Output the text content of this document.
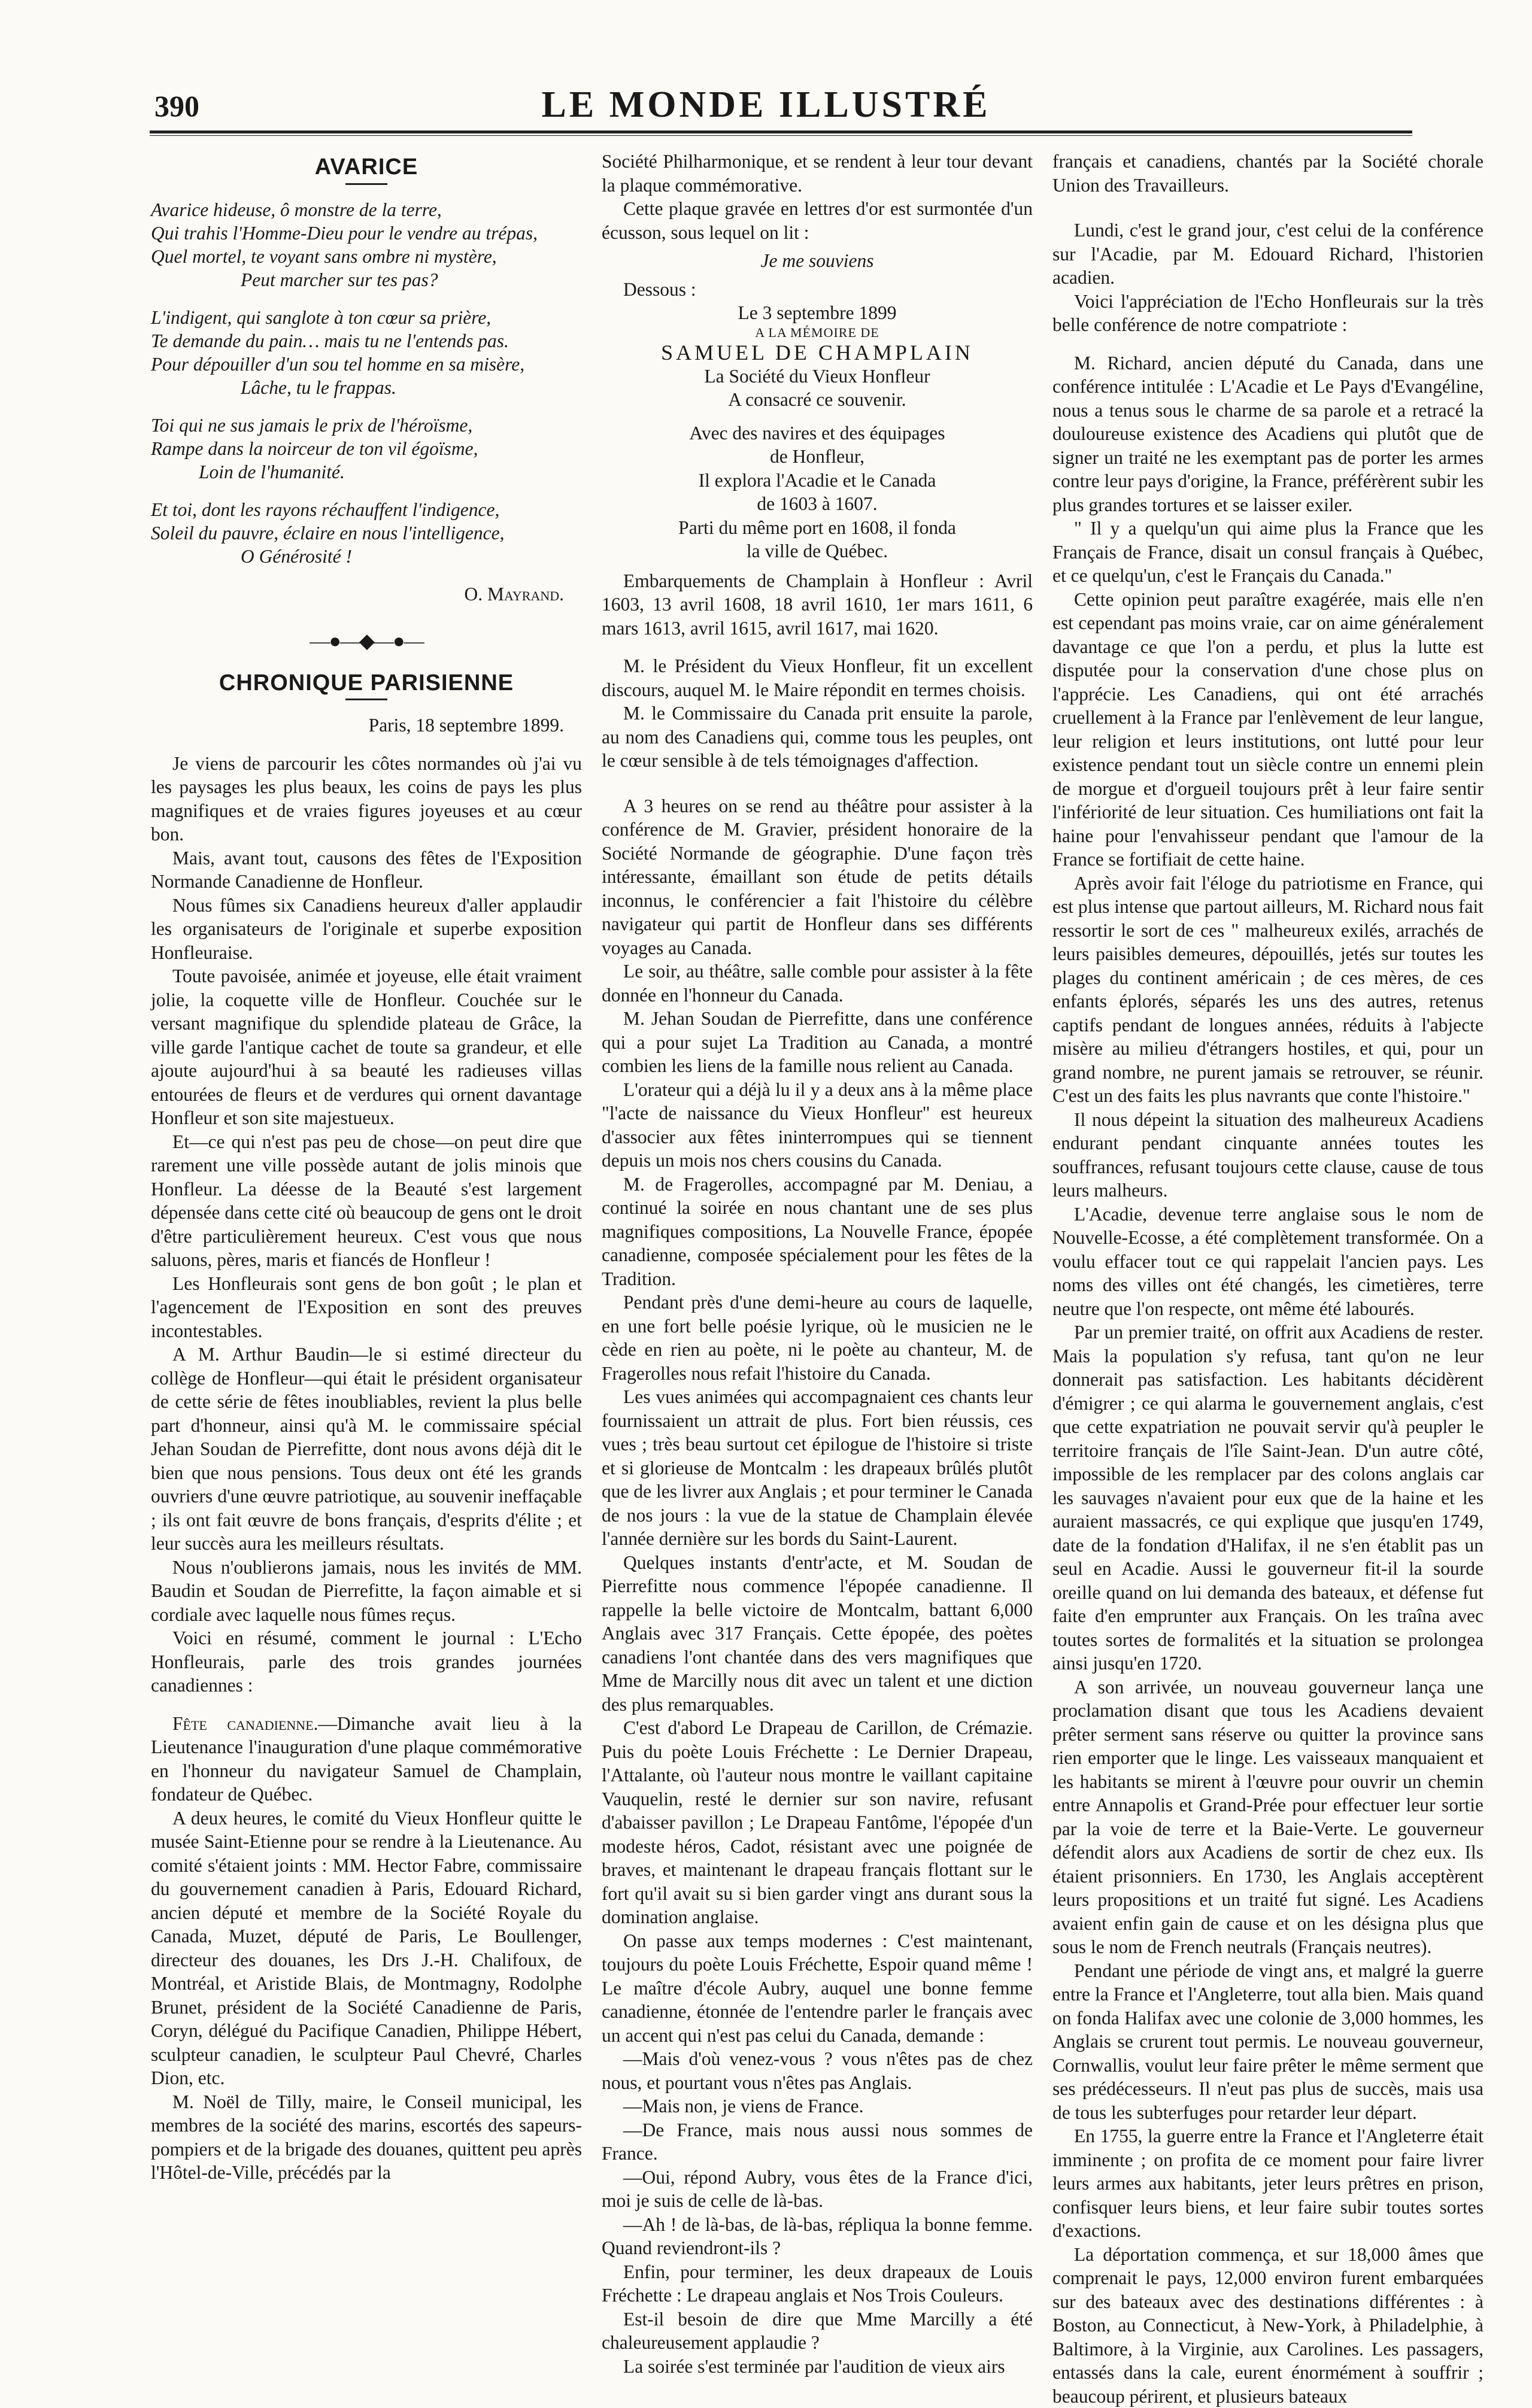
390	LE MONDE ILLUSTRÉ
AVARICE
Avarice hideuse, ô monstre de la terre,
Qui trahis l'Homme-Dieu pour le vendre au trépas,
Quel mortel, te voyant sans ombre ni mystère,
Peut marcher sur tes pas?
L'indigent, qui sanglote à ton cœur sa prière,
Te demande du pain… mais tu ne l'entends pas.
Pour dépouiller d'un sou tel homme en sa misère,
Lâche, tu le frappas.
Toi qui ne sus jamais le prix de l'héroïsme,
Rampe dans la noirceur de ton vil égoïsme,
Loin de l'humanité.
Et toi, dont les rayons réchauffent l'indigence,
Soleil du pauvre, éclaire en nous l'intelligence,
O Générosité !
O. Mayrand.
—●—◆—●—
CHRONIQUE PARISIENNE
Paris, 18 septembre 1899.

Je viens de parcourir les côtes normandes où j'ai vu les paysages les plus beaux, les coins de pays les plus magnifiques et de vraies figures joyeuses et au cœur bon.

Mais, avant tout, causons des fêtes de l'Exposition Normande Canadienne de Honfleur.

Nous fûmes six Canadiens heureux d'aller applaudir les organisateurs de l'originale et superbe exposition Honfleuraise.

Toute pavoisée, animée et joyeuse, elle était vraiment jolie, la coquette ville de Honfleur. Couchée sur le versant magnifique du splendide plateau de Grâce, la ville garde l'antique cachet de toute sa grandeur, et elle ajoute aujourd'hui à sa beauté les radieuses villas entourées de fleurs et de verdures qui ornent davantage Honfleur et son site majestueux.

Et—ce qui n'est pas peu de chose—on peut dire que rarement une ville possède autant de jolis minois que Honfleur. La déesse de la Beauté s'est largement dépensée dans cette cité où beaucoup de gens ont le droit d'être particulièrement heureux. C'est vous que nous saluons, pères, maris et fiancés de Honfleur !

Les Honfleurais sont gens de bon goût ; le plan et l'agencement de l'Exposition en sont des preuves incontestables.

A M. Arthur Baudin—le si estimé directeur du collège de Honfleur—qui était le président organisateur de cette série de fêtes inoubliables, revient la plus belle part d'honneur, ainsi qu'à M. le commissaire spécial Jehan Soudan de Pierrefitte, dont nous avons déjà dit le bien que nous pensions. Tous deux ont été les grands ouvriers d'une œuvre patriotique, au souvenir ineffaçable ; ils ont fait œuvre de bons français, d'esprits d'élite ; et leur succès aura les meilleurs résultats.

Nous n'oublierons jamais, nous les invités de MM. Baudin et Soudan de Pierrefitte, la façon aimable et si cordiale avec laquelle nous fûmes reçus.

Voici en résumé, comment le journal : L'Echo Honfleurais, parle des trois grandes journées canadiennes :

Fête canadienne.—Dimanche avait lieu à la Lieutenance l'inauguration d'une plaque commémorative en l'honneur du navigateur Samuel de Champlain, fondateur de Québec.

A deux heures, le comité du Vieux Honfleur quitte le musée Saint-Etienne pour se rendre à la Lieutenance. Au comité s'étaient joints : MM. Hector Fabre, commissaire du gouvernement canadien à Paris, Edouard Richard, ancien député et membre de la Société Royale du Canada, Muzet, député de Paris, Le Boullenger, directeur des douanes, les Drs J.-H. Chalifoux, de Montréal, et Aristide Blais, de Montmagny, Rodolphe Brunet, président de la Société Canadienne de Paris, Coryn, délégué du Pacifique Canadien, Philippe Hébert, sculpteur canadien, le sculpteur Paul Chevré, Charles Dion, etc.

M. Noël de Tilly, maire, le Conseil municipal, les membres de la société des marins, escortés des sapeurs-pompiers et de la brigade des douanes, quittent peu après l'Hôtel-de-Ville, précédés par la

Société Philharmonique, et se rendent à leur tour devant la plaque commémorative.

Cette plaque gravée en lettres d'or est surmontée d'un écusson, sous lequel on lit :

Je me souviens
Dessous :
Le 3 septembre 1899
A LA MÉMOIRE DE
SAMUEL DE CHAMPLAIN
La Société du Vieux Honfleur
A consacré ce souvenir.
Avec des navires et des équipages
de Honfleur,
Il explora l'Acadie et le Canada
de 1603 à 1607.
Parti du même port en 1608, il fonda
la ville de Québec.

Embarquements de Champlain à Honfleur : Avril 1603, 13 avril 1608, 18 avril 1610, 1er mars 1611, 6 mars 1613, avril 1615, avril 1617, mai 1620.

M. le Président du Vieux Honfleur, fit un excellent discours, auquel M. le Maire répondit en termes choisis.

M. le Commissaire du Canada prit ensuite la parole, au nom des Canadiens qui, comme tous les peuples, ont le cœur sensible à de tels témoignages d'affection.

A 3 heures on se rend au théâtre pour assister à la conférence de M. Gravier, président honoraire de la Société Normande de géographie. D'une façon très intéressante, émaillant son étude de petits détails inconnus, le conférencier a fait l'histoire du célèbre navigateur qui partit de Honfleur dans ses différents voyages au Canada.

Le soir, au théâtre, salle comble pour assister à la fête donnée en l'honneur du Canada.

M. Jehan Soudan de Pierrefitte, dans une conférence qui a pour sujet La Tradition au Canada, a montré combien les liens de la famille nous relient au Canada.

L'orateur qui a déjà lu il y a deux ans à la même place "l'acte de naissance du Vieux Honfleur" est heureux d'associer aux fêtes ininterrompues qui se tiennent depuis un mois nos chers cousins du Canada.

M. de Fragerolles, accompagné par M. Deniau, a continué la soirée en nous chantant une de ses plus magnifiques compositions, La Nouvelle France, épopée canadienne, composée spécialement pour les fêtes de la Tradition.

Pendant près d'une demi-heure au cours de laquelle, en une fort belle poésie lyrique, où le musicien ne le cède en rien au poète, ni le poète au chanteur, M. de Fragerolles nous refait l'histoire du Canada.

Les vues animées qui accompagnaient ces chants leur fournissaient un attrait de plus. Fort bien réussis, ces vues ; très beau surtout cet épilogue de l'histoire si triste et si glorieuse de Montcalm : les drapeaux brûlés plutôt que de les livrer aux Anglais ; et pour terminer le Canada de nos jours : la vue de la statue de Champlain élevée l'année dernière sur les bords du Saint-Laurent.

Quelques instants d'entr'acte, et M. Soudan de Pierrefitte nous commence l'épopée canadienne. Il rappelle la belle victoire de Montcalm, battant 6,000 Anglais avec 317 Français. Cette épopée, des poètes canadiens l'ont chantée dans des vers magnifiques que Mme de Marcilly nous dit avec un talent et une diction des plus remarquables.

C'est d'abord Le Drapeau de Carillon, de Crémazie. Puis du poète Louis Fréchette : Le Dernier Drapeau, l'Attalante, où l'auteur nous montre le vaillant capitaine Vauquelin, resté le dernier sur son navire, refusant d'abaisser pavillon ; Le Drapeau Fantôme, l'épopée d'un modeste héros, Cadot, résistant avec une poignée de braves, et maintenant le drapeau français flottant sur le fort qu'il avait su si bien garder vingt ans durant sous la domination anglaise.

On passe aux temps modernes : C'est maintenant, toujours du poète Louis Fréchette, Espoir quand même ! Le maître d'école Aubry, auquel une bonne femme canadienne, étonnée de l'entendre parler le français avec un accent qui n'est pas celui du Canada, demande :

—Mais d'où venez-vous ? vous n'êtes pas de chez nous, et pourtant vous n'êtes pas Anglais.

—Mais non, je viens de France.

—De France, mais nous aussi nous sommes de France.

—Oui, répond Aubry, vous êtes de la France d'ici, moi je suis de celle de là-bas.

—Ah ! de là-bas, de là-bas, répliqua la bonne femme. Quand reviendront-ils ?

Enfin, pour terminer, les deux drapeaux de Louis Fréchette : Le drapeau anglais et Nos Trois Couleurs.

Est-il besoin de dire que Mme Marcilly a été chaleureusement applaudie ?

La soirée s'est terminée par l'audition de vieux airs

français et canadiens, chantés par la Société chorale Union des Travailleurs.

Lundi, c'est le grand jour, c'est celui de la conférence sur l'Acadie, par M. Edouard Richard, l'historien acadien.

Voici l'appréciation de l'Echo Honfleurais sur la très belle conférence de notre compatriote :

M. Richard, ancien député du Canada, dans une conférence intitulée : L'Acadie et Le Pays d'Evangéline, nous a tenus sous le charme de sa parole et a retracé la douloureuse existence des Acadiens qui plutôt que de signer un traité ne les exemptant pas de porter les armes contre leur pays d'origine, la France, préférèrent subir les plus grandes tortures et se laisser exiler.

" Il y a quelqu'un qui aime plus la France que les Français de France, disait un consul français à Québec, et ce quelqu'un, c'est le Français du Canada."

Cette opinion peut paraître exagérée, mais elle n'en est cependant pas moins vraie, car on aime généralement davantage ce que l'on a perdu, et plus la lutte est disputée pour la conservation d'une chose plus on l'apprécie. Les Canadiens, qui ont été arrachés cruellement à la France par l'enlèvement de leur langue, leur religion et leurs institutions, ont lutté pour leur existence pendant tout un siècle contre un ennemi plein de morgue et d'orgueil toujours prêt à leur faire sentir l'infériorité de leur situation. Ces humiliations ont fait la haine pour l'envahisseur pendant que l'amour de la France se fortifiait de cette haine.

Après avoir fait l'éloge du patriotisme en France, qui est plus intense que partout ailleurs, M. Richard nous fait ressortir le sort de ces " malheureux exilés, arrachés de leurs paisibles demeures, dépouillés, jetés sur toutes les plages du continent américain ; de ces mères, de ces enfants éplorés, séparés les uns des autres, retenus captifs pendant de longues années, réduits à l'abjecte misère au milieu d'étrangers hostiles, et qui, pour un grand nombre, ne purent jamais se retrouver, se réunir. C'est un des faits les plus navrants que conte l'histoire."

Il nous dépeint la situation des malheureux Acadiens endurant pendant cinquante années toutes les souffrances, refusant toujours cette clause, cause de tous leurs malheurs.

L'Acadie, devenue terre anglaise sous le nom de Nouvelle-Ecosse, a été complètement transformée. On a voulu effacer tout ce qui rappelait l'ancien pays. Les noms des villes ont été changés, les cimetières, terre neutre que l'on respecte, ont même été labourés.

Par un premier traité, on offrit aux Acadiens de rester. Mais la population s'y refusa, tant qu'on ne leur donnerait pas satisfaction. Les habitants décidèrent d'émigrer ; ce qui alarma le gouvernement anglais, c'est que cette expatriation ne pouvait servir qu'à peupler le territoire français de l'île Saint-Jean. D'un autre côté, impossible de les remplacer par des colons anglais car les sauvages n'avaient pour eux que de la haine et les auraient massacrés, ce qui explique que jusqu'en 1749, date de la fondation d'Halifax, il ne s'en établit pas un seul en Acadie. Aussi le gouverneur fit-il la sourde oreille quand on lui demanda des bateaux, et défense fut faite d'en emprunter aux Français. On les traîna avec toutes sortes de formalités et la situation se prolongea ainsi jusqu'en 1720.

A son arrivée, un nouveau gouverneur lança une proclamation disant que tous les Acadiens devaient prêter serment sans réserve ou quitter la province sans rien emporter que le linge. Les vaisseaux manquaient et les habitants se mirent à l'œuvre pour ouvrir un chemin entre Annapolis et Grand-Prée pour effectuer leur sortie par la voie de terre et la Baie-Verte. Le gouverneur défendit alors aux Acadiens de sortir de chez eux. Ils étaient prisonniers. En 1730, les Anglais acceptèrent leurs propositions et un traité fut signé. Les Acadiens avaient enfin gain de cause et on les désigna plus que sous le nom de French neutrals (Français neutres).

Pendant une période de vingt ans, et malgré la guerre entre la France et l'Angleterre, tout alla bien. Mais quand on fonda Halifax avec une colonie de 3,000 hommes, les Anglais se crurent tout permis. Le nouveau gouverneur, Cornwallis, voulut leur faire prêter le même serment que ses prédécesseurs. Il n'eut pas plus de succès, mais usa de tous les subterfuges pour retarder leur départ.

En 1755, la guerre entre la France et l'Angleterre était imminente ; on profita de ce moment pour faire livrer leurs armes aux habitants, jeter leurs prêtres en prison, confisquer leurs biens, et leur faire subir toutes sortes d'exactions.

La déportation commença, et sur 18,000 âmes que comprenait le pays, 12,000 environ furent embarquées sur des bateaux avec des destinations différentes : à Boston, au Connecticut, à New-York, à Philadelphie, à Baltimore, à la Virginie, aux Carolines. Les passagers, entassés dans la cale, eurent énormément à souffrir ; beaucoup périrent, et plusieurs bateaux
